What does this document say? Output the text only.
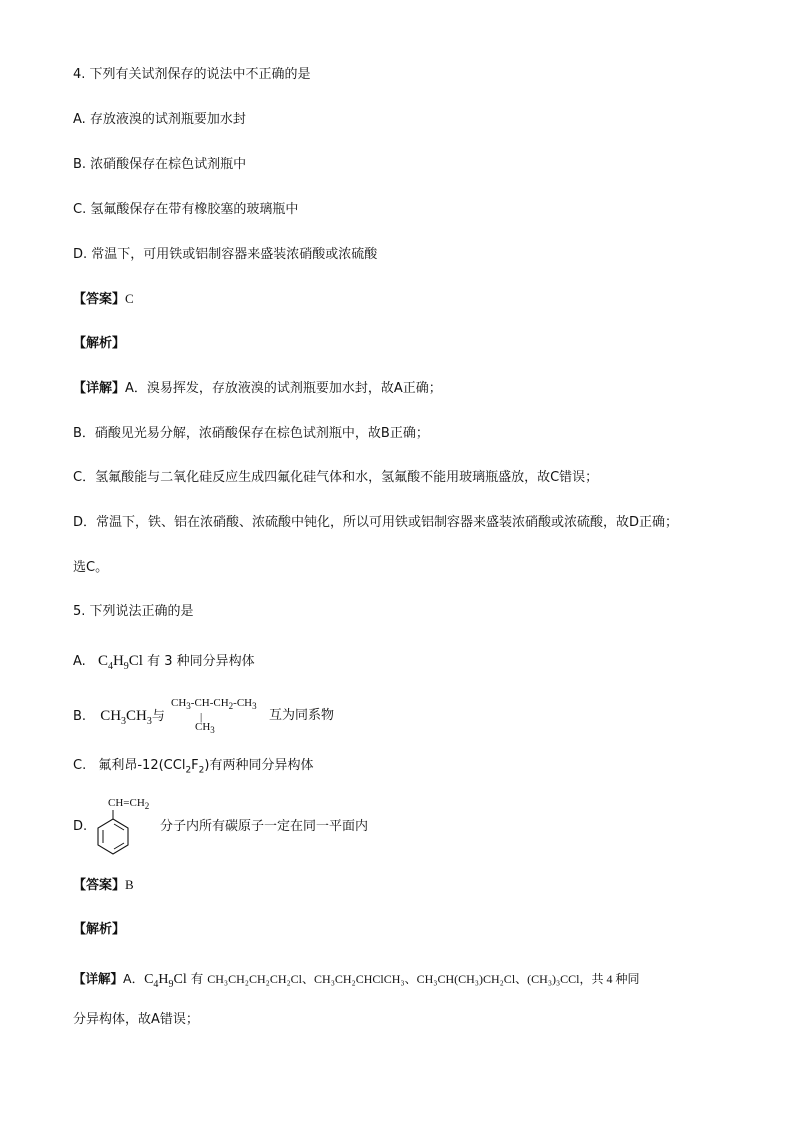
4. 下列有关试剂保存的说法中不正确的是
A. 存放液溴的试剂瓶要加水封
B. 浓硝酸保存在棕色试剂瓶中
C. 氢氟酸保存在带有橡胶塞的玻璃瓶中
D. 常温下，可用铁或铝制容器来盛装浓硝酸或浓硫酸
【答案】C
【解析】
【详解】A．溴易挥发，存放液溴的试剂瓶要加水封，故A正确；
B．硝酸见光易分解，浓硝酸保存在棕色试剂瓶中，故B正确；
C．氢氟酸能与二氧化硅反应生成四氟化硅气体和水，氢氟酸不能用玻璃瓶盛放，故C错误；
D．常温下，铁、铝在浓硝酸、浓硫酸中钝化，所以可用铁或铝制容器来盛装浓硝酸或浓硫酸，故D正确；
选C。
5. 下列说法正确的是
A. $C_4H_9Cl$ 有 3 种同分异构体
B. $CH_3CH_3$与
$CH_3-CH-CH_2-CH_3$
|
$CH_3$
互为同系物
C. 氟利昂$-12(CCl_2F_2)$有两种同分异构体
D.
$CH=CH_2$
分子内所有碳原子一定在同一平面内
【答案】B
【解析】
【详解】A．$C_4H_9Cl$ 有 CH₃CH₂CH₂CH₂Cl、CH₃CH₂CHClCH₃、CH₃CH(CH₃)CH₂Cl、(CH₃)₃CCl，共 4 种同
分异构体，故A错误；
